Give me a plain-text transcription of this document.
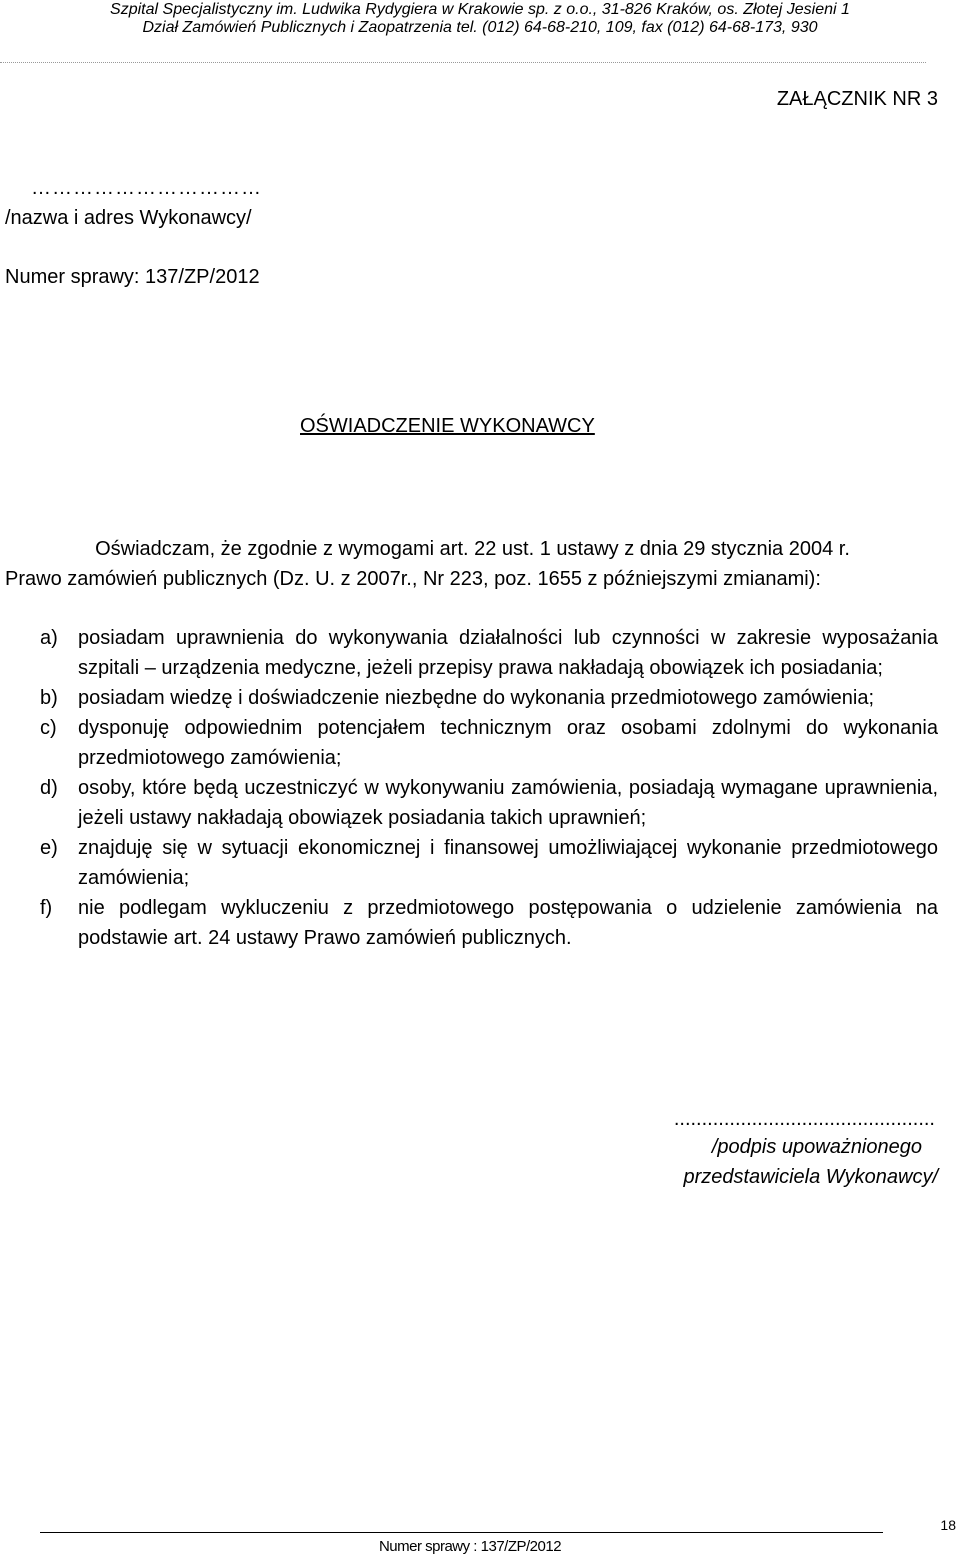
Szpital Specjalistyczny im. Ludwika Rydygiera w Krakowie sp. z o.o., 31-826 Kraków, os. Złotej Jesieni 1
Dział Zamówień Publicznych i Zaopatrzenia tel. (012) 64-68-210, 109, fax (012) 64-68-173, 930
ZAŁĄCZNIK NR 3
……………………………
/nazwa i adres Wykonawcy/
Numer sprawy: 137/ZP/2012
OŚWIADCZENIE WYKONAWCY
Oświadczam, że zgodnie z wymogami art. 22 ust. 1 ustawy z dnia 29 stycznia 2004 r.
Prawo zamówień publicznych (Dz. U. z 2007r., Nr 223, poz. 1655 z późniejszymi zmianami):
a) posiadam uprawnienia do wykonywania działalności lub czynności w zakresie wyposażania szpitali – urządzenia medyczne, jeżeli przepisy prawa nakładają obowiązek ich posiadania;
b) posiadam wiedzę i doświadczenie niezbędne do wykonania przedmiotowego zamówienia;
c) dysponuję odpowiednim potencjałem technicznym oraz osobami zdolnymi do wykonania przedmiotowego zamówienia;
d) osoby, które będą uczestniczyć w wykonywaniu zamówienia, posiadają wymagane uprawnienia, jeżeli ustawy nakładają obowiązek posiadania takich uprawnień;
e) znajduję się w sytuacji ekonomicznej i finansowej umożliwiającej wykonanie przedmiotowego zamówienia;
f) nie podlegam wykluczeniu z przedmiotowego postępowania o udzielenie zamówienia na podstawie art. 24 ustawy Prawo zamówień publicznych.
...............................................
/podpis upoważnionego
przedstawiciela Wykonawcy/
Numer sprawy : 137/ZP/2012
18
